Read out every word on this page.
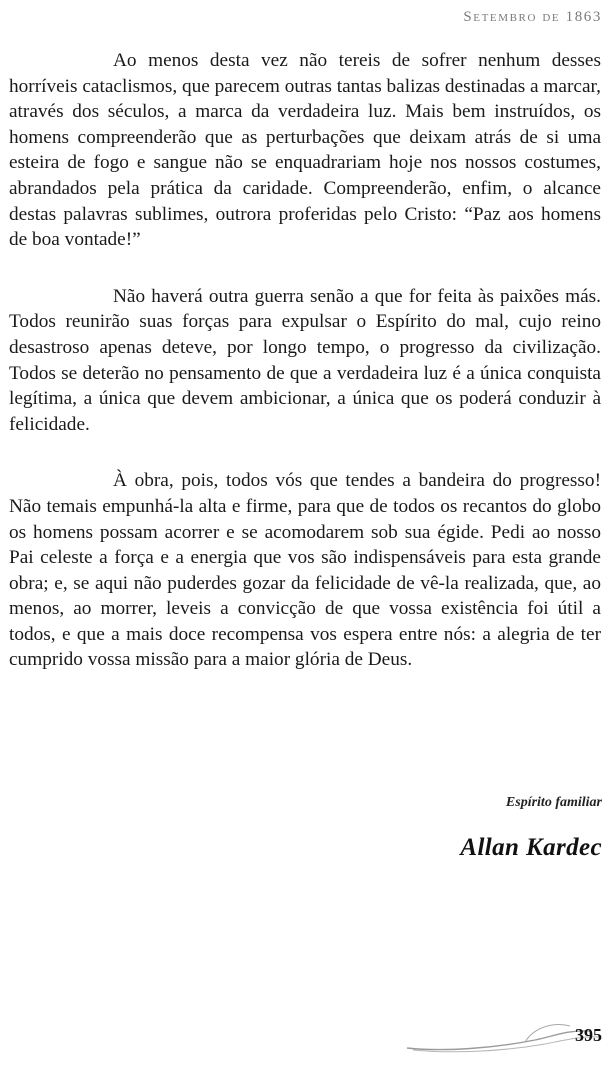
Setembro de 1863

Ao menos desta vez não tereis de sofrer nenhum desses horríveis cataclismos, que parecem outras tantas balizas destinadas a marcar, através dos séculos, a marca da verdadeira luz. Mais bem instruídos, os homens compreenderão que as perturbações que deixam atrás de si uma esteira de fogo e sangue não se enquadrariam hoje nos nossos costumes, abrandados pela prática da caridade. Compreenderão, enfim, o alcance destas palavras sublimes, outrora proferidas pelo Cristo: “Paz aos homens de boa vontade!”

Não haverá outra guerra senão a que for feita às paixões más. Todos reunirão suas forças para expulsar o Espírito do mal, cujo reino desastroso apenas deteve, por longo tempo, o progresso da civilização. Todos se deterão no pensamento de que a verdadeira luz é a única conquista legítima, a única que devem ambicionar, a única que os poderá conduzir à felicidade.

À obra, pois, todos vós que tendes a bandeira do progresso! Não temais empunhá-la alta e firme, para que de todos os recantos do globo os homens possam acorrer e se acomodarem sob sua égide. Pedi ao nosso Pai celeste a força e a energia que vos são indispensáveis para esta grande obra; e, se aqui não puderdes gozar da felicidade de vê-la realizada, que, ao menos, ao morrer, leveis a convicção de que vossa existência foi útil a todos, e que a mais doce recompensa vos espera entre nós: a alegria de ter cumprido vossa missão para a maior glória de Deus.

Espírito familiar
Allan Kardec
395
